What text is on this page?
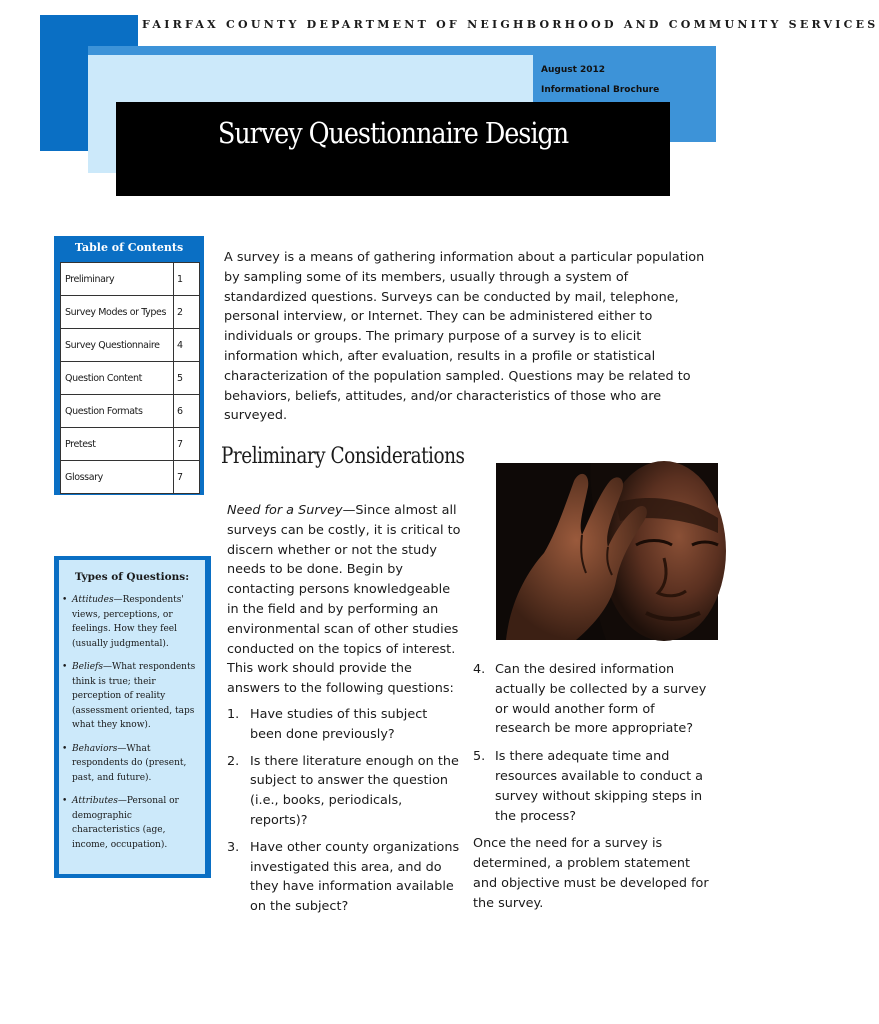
FAIRFAX COUNTY DEPARTMENT OF NEIGHBORHOOD AND COMMUNITY SERVICES
August 2012
Informational Brochure
Survey Questionnaire Design
Table of Contents
Preliminary	1
Survey Modes or Types	2
Survey Questionnaire	4
Question Content	5
Question Formats	6
Pretest	7
Glossary	7
A survey is a means of gathering information about a particular population by sampling some of its members, usually through a system of standardized questions. Surveys can be conducted by mail, telephone, personal interview, or Internet. They can be administered either to individuals or groups. The primary purpose of a survey is to elicit information which, after evaluation, results in a profile or statistical characterization of the population sampled. Questions may be related to behaviors, beliefs, attitudes, and/or characteristics of those who are surveyed.
Preliminary Considerations

Need for a Survey—Since almost all surveys can be costly, it is critical to discern whether or not the study needs to be done. Begin by contacting persons knowledgeable in the field and by performing an environmental scan of other studies conducted on the topics of interest. This work should provide the answers to the following questions:

1. Have studies of this subject been done previously?
2. Is there literature enough on the subject to answer the question (i.e., books, periodicals, reports)?
3. Have other county organizations investigated this area, and do they have information available on the subject?
4. Can the desired information actually be collected by a survey or would another form of research be more appropriate?
5. Is there adequate time and resources available to conduct a survey without skipping steps in the process?

Once the need for a survey is determined, a problem statement and objective must be developed for the survey.

Types of Questions:
• Attitudes—Respondents' views, perceptions, or feelings. How they feel (usually judgmental).
• Beliefs—What respondents think is true; their perception of reality (assessment oriented, taps what they know).
• Behaviors—What respondents do (present, past, and future).
• Attributes—Personal or demographic characteristics (age, income, occupation).
